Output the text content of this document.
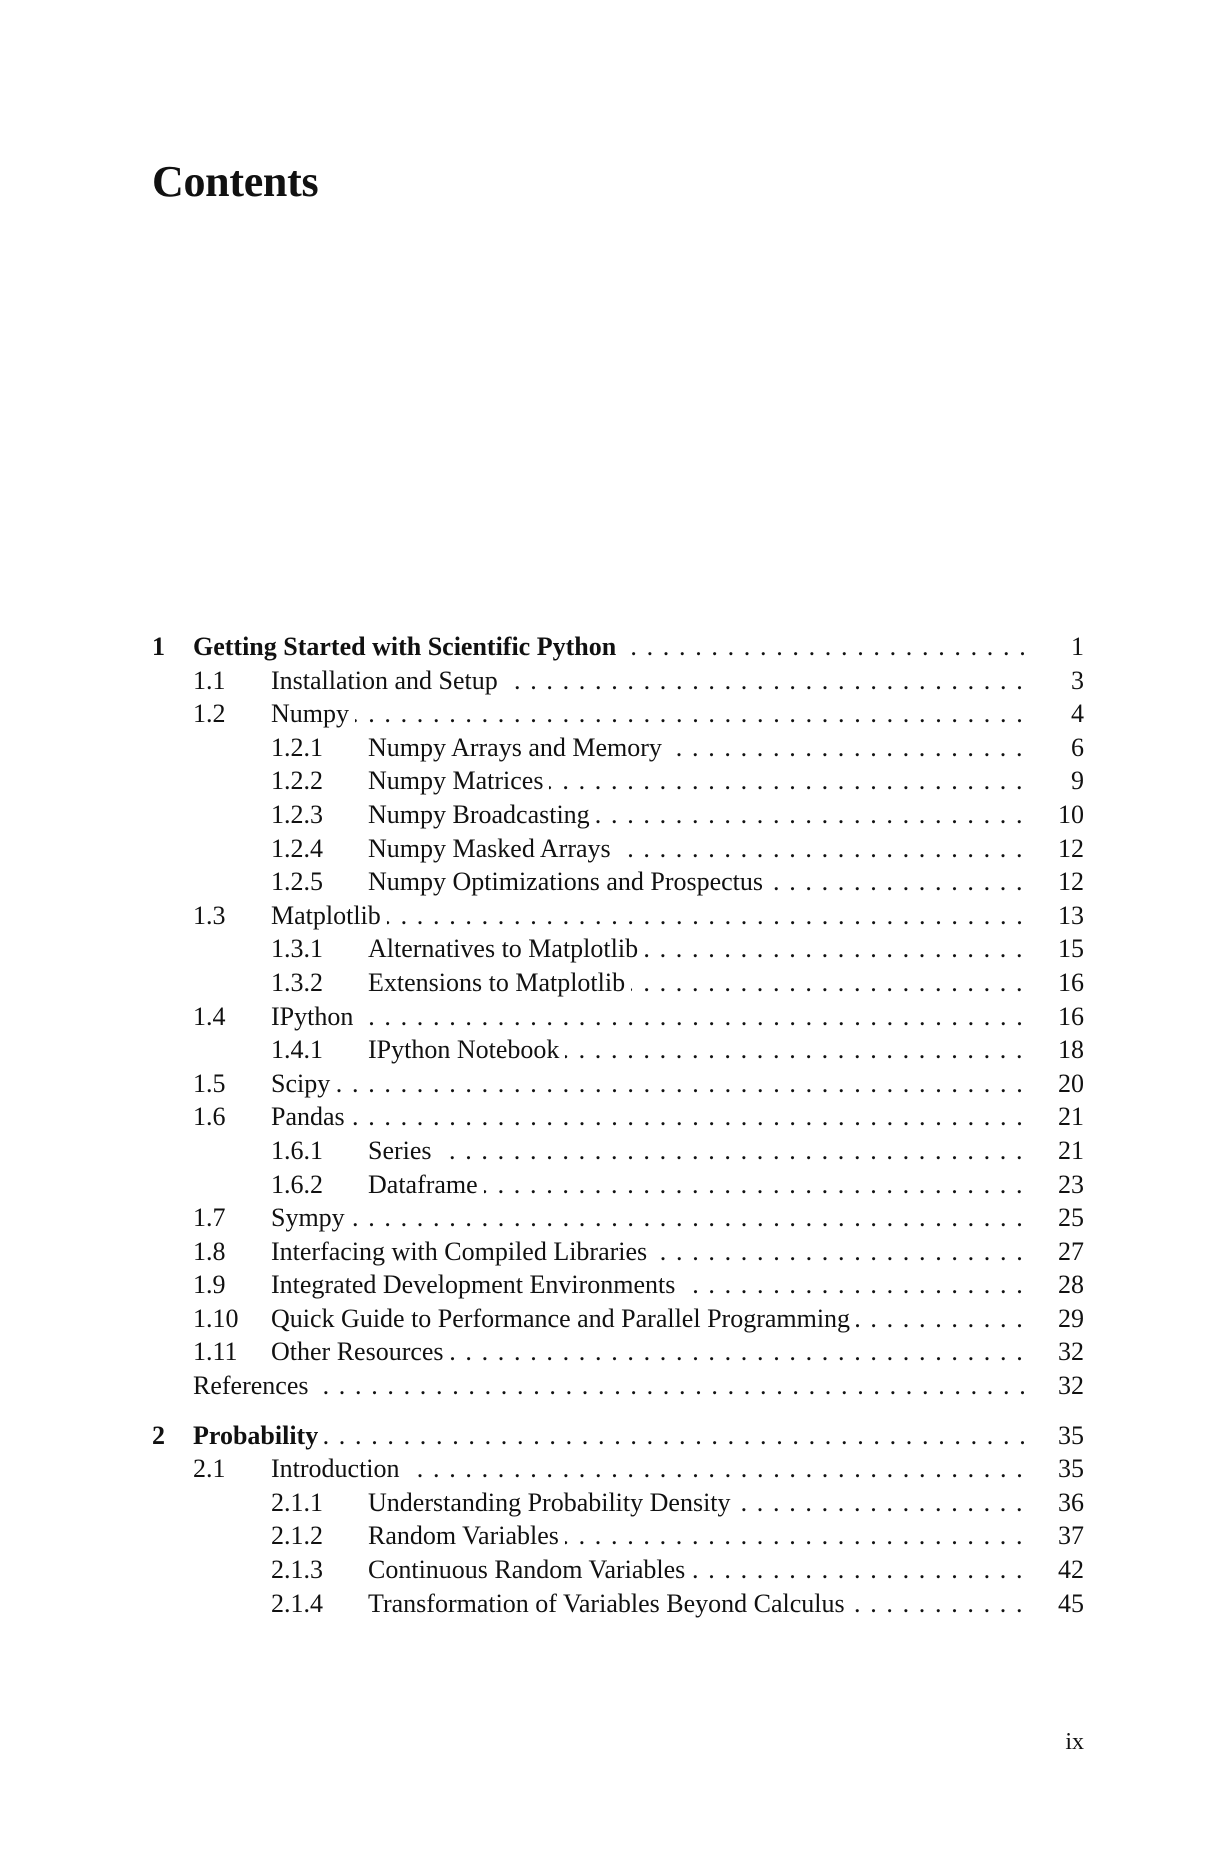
Contents
1 Getting Started with Scientific Python . . .	1
1.1 Installation and Setup . . .	3
1.2 Numpy . . .	4
1.2.1 Numpy Arrays and Memory . . .	6
1.2.2 Numpy Matrices . . .	9
1.2.3 Numpy Broadcasting . . .	10
1.2.4 Numpy Masked Arrays . . .	12
1.2.5 Numpy Optimizations and Prospectus . . .	12
1.3 Matplotlib . . .	13
1.3.1 Alternatives to Matplotlib . . .	15
1.3.2 Extensions to Matplotlib . . .	16
1.4 IPython . . .	16
1.4.1 IPython Notebook . . .	18
1.5 Scipy . . .	20
1.6 Pandas . . .	21
1.6.1 Series . . .	21
1.6.2 Dataframe . . .	23
1.7 Sympy . . .	25
1.8 Interfacing with Compiled Libraries . . .	27
1.9 Integrated Development Environments . . .	28
1.10 Quick Guide to Performance and Parallel Programming . . .	29
1.11 Other Resources . . .	32
References . . .	32
2 Probability . . .	35
2.1 Introduction . . .	35
2.1.1 Understanding Probability Density . . .	36
2.1.2 Random Variables . . .	37
2.1.3 Continuous Random Variables . . .	42
2.1.4 Transformation of Variables Beyond Calculus . . .	45
ix
